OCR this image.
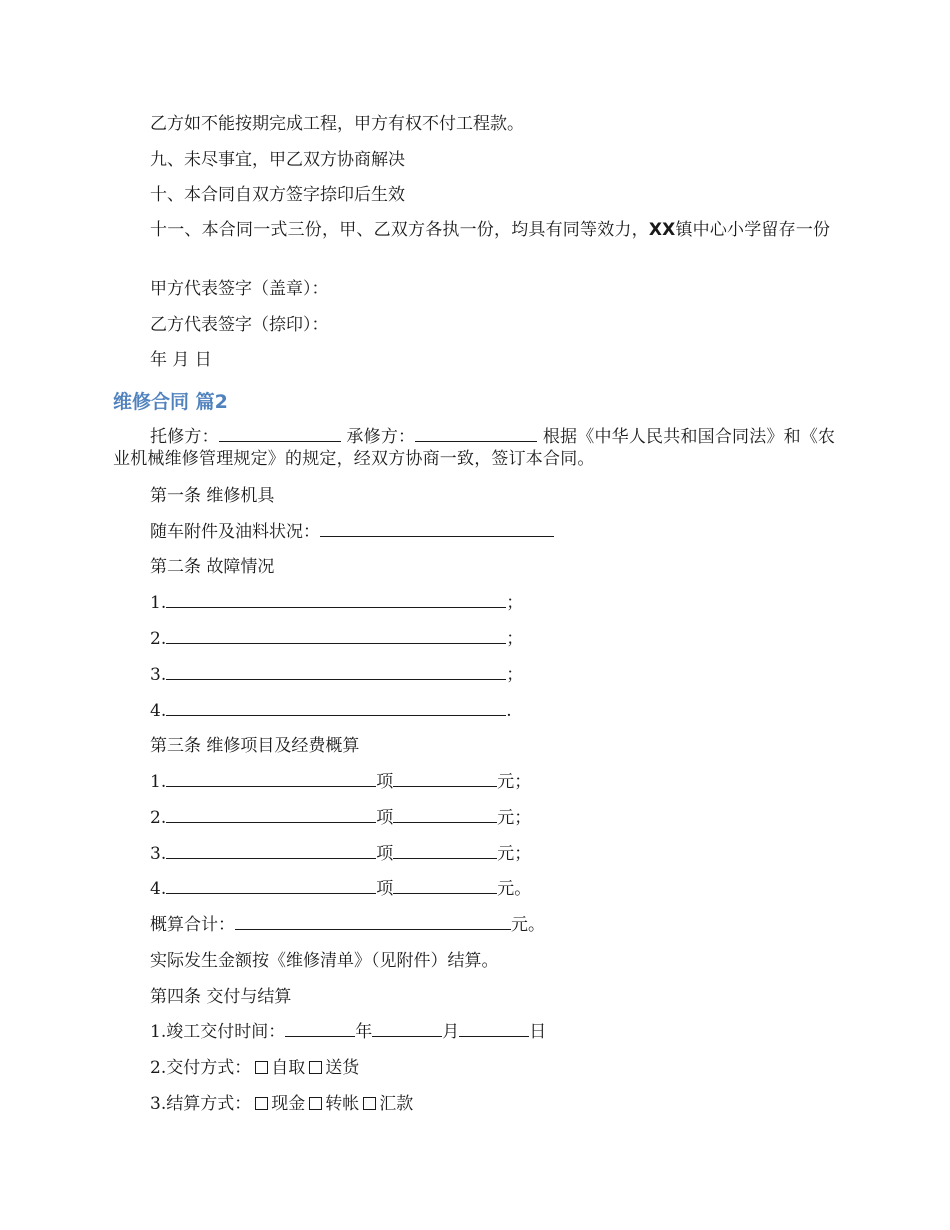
乙方如不能按期完成工程，甲方有权不付工程款。
九、未尽事宜，甲乙双方协商解决
十、本合同自双方签字捺印后生效
十一、本合同一式三份，甲、乙双方各执一份，均具有同等效力，XX镇中心小学留存一份
甲方代表签字（盖章）：
乙方代表签字（捺印）：
年 月 日
维修合同 篇2
托修方：	承修方：	根据《中华人民共和国合同法》和《农业机械维修管理规定》的规定，经双方协商一致，签订本合同。
第一条 维修机具
随车附件及油料状况：
第二条 故障情况
1.	；
2.	；
3.	；
4.	.
第三条 维修项目及经费概算
1.	项	元；
2.	项	元；
3.	项	元；
4.	项	元。
概算合计：	元。
实际发生金额按《维修清单》（见附件）结算。
第四条 交付与结算
1.竣工交付时间：	年	月	日
2.交付方式： 自取 送货
3.结算方式： 现金 转帐 汇款
